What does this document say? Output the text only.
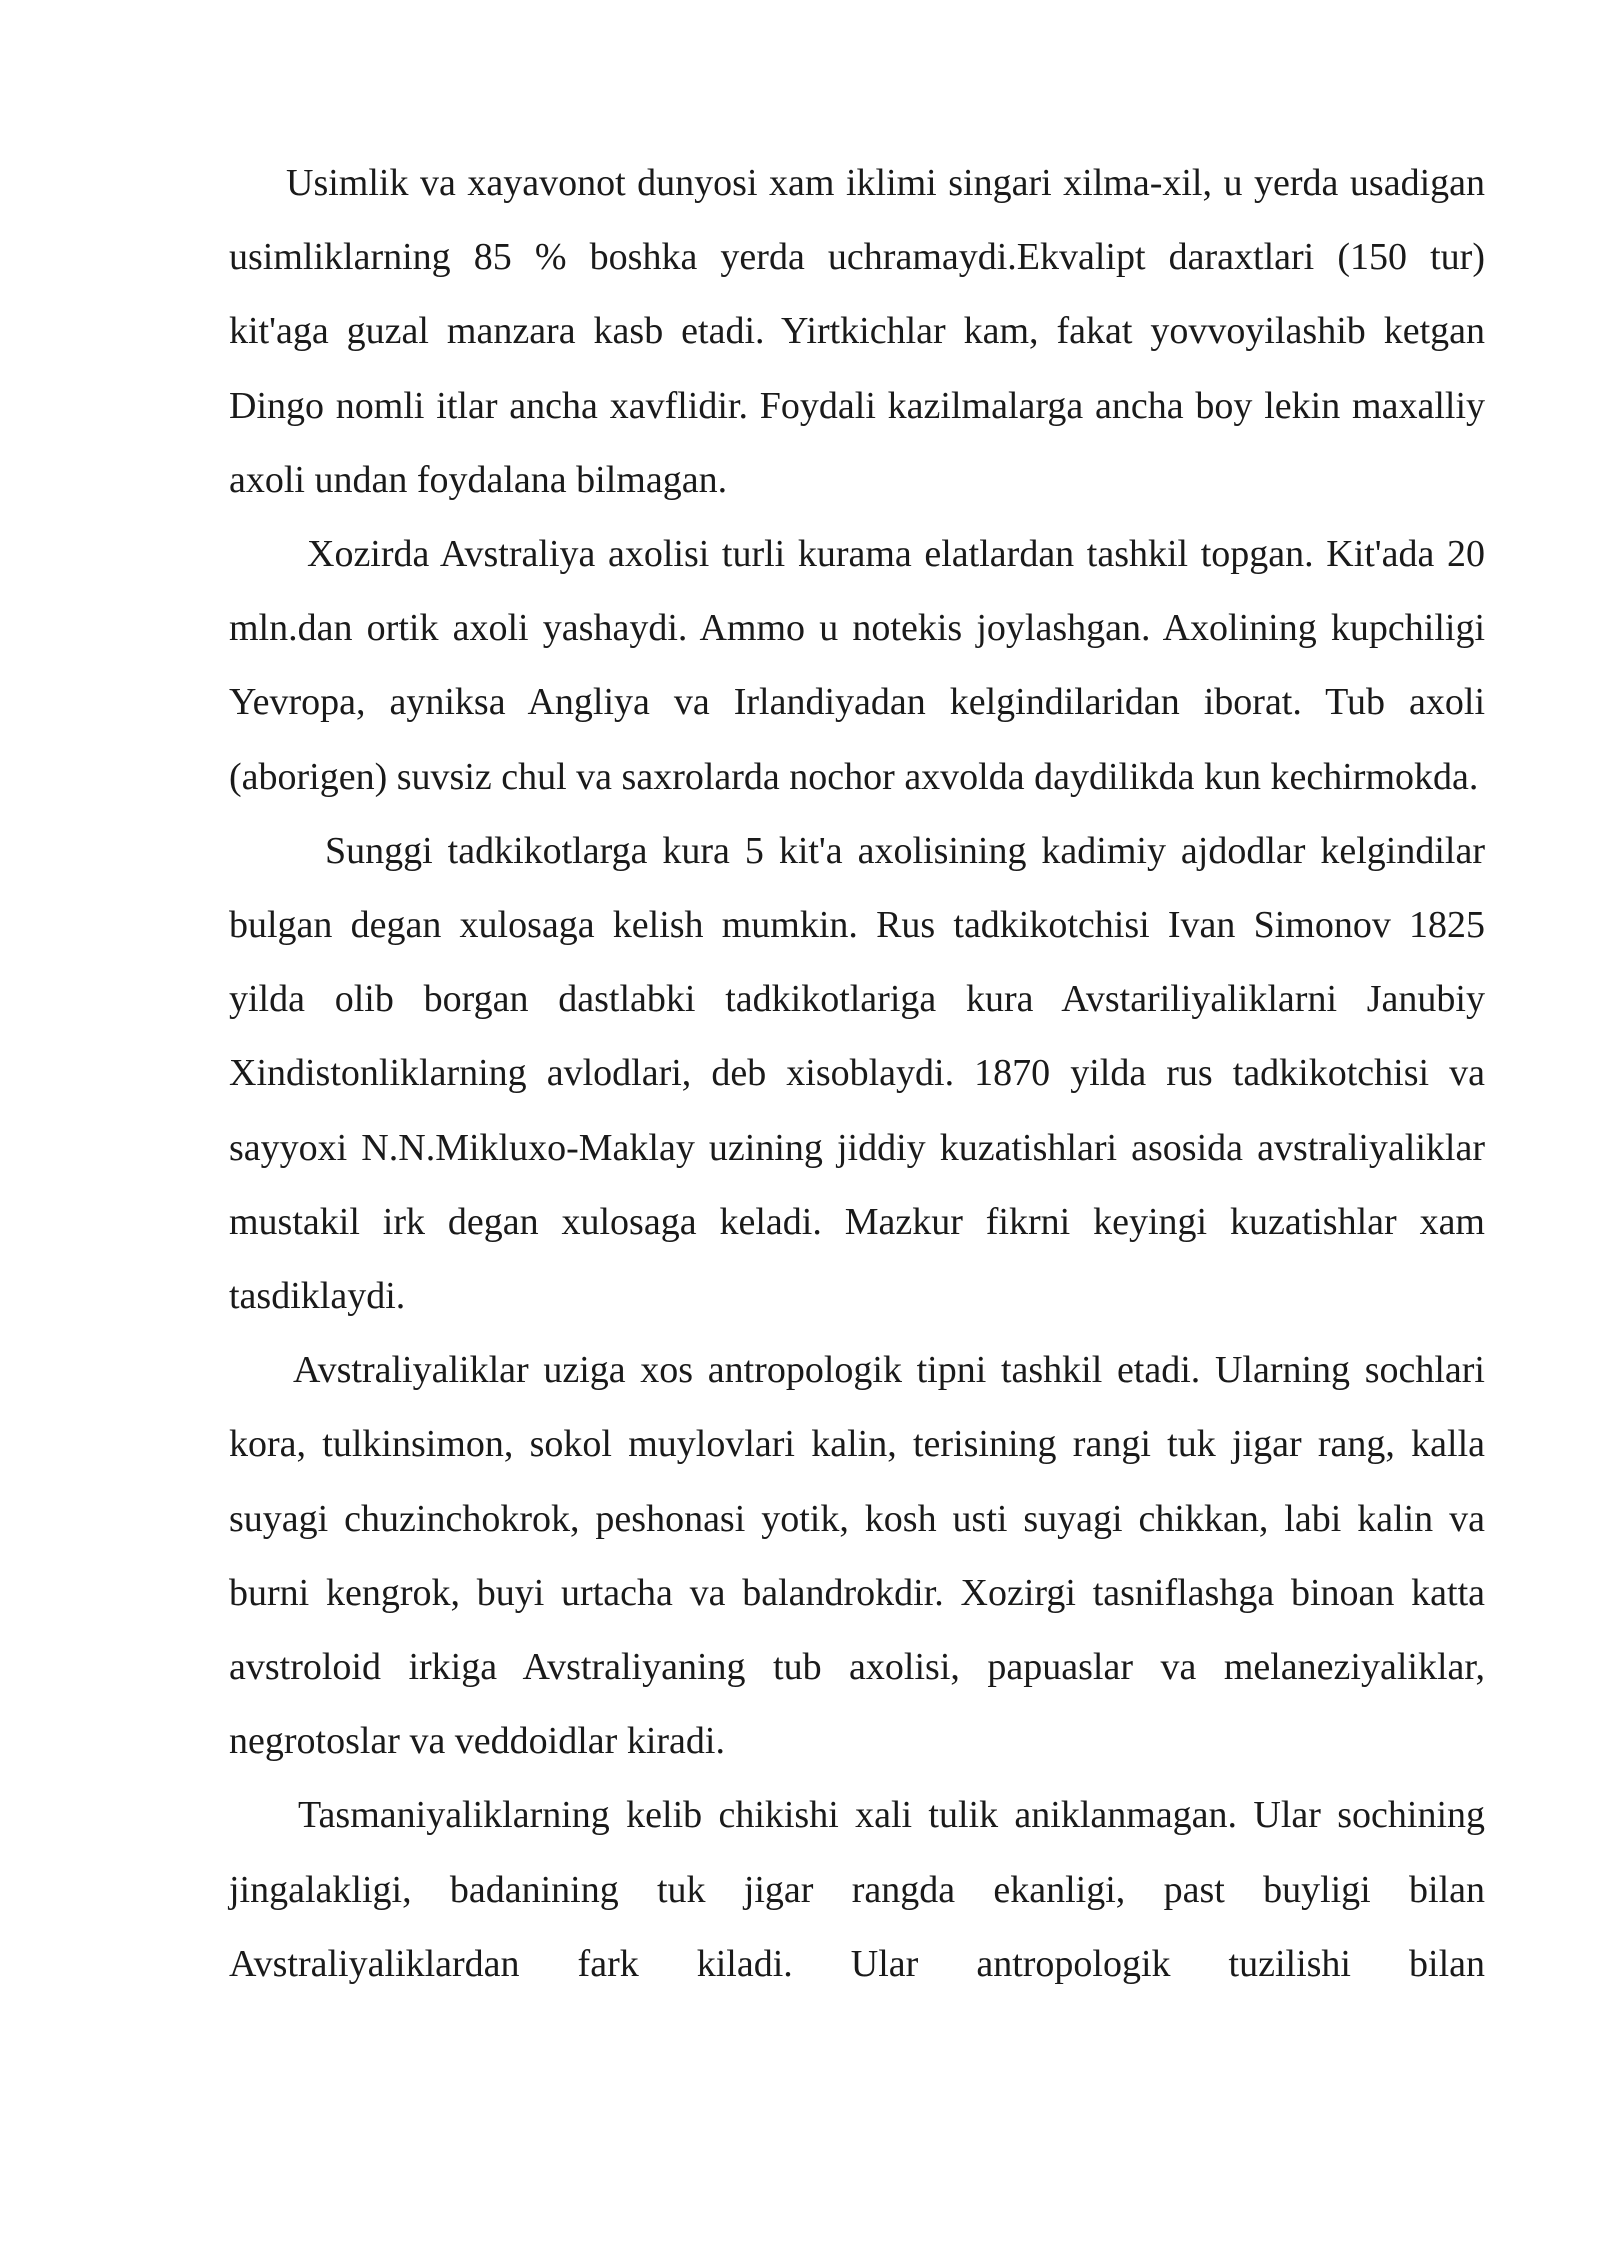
Usimlik va xayavonot dunyosi xam iklimi singari xilma-xil, u yerda usadigan usimliklarning 85 % boshka yerda uchramaydi.Ekvalipt daraxtlari (150 tur) kit'aga guzal manzara kasb etadi. Yirtkichlar kam, fakat yovvoyilashib ketgan Dingo nomli itlar ancha xavflidir. Foydali kazilmalarga ancha boy lekin maxalliy axoli undan foydalana bilmagan.

Xozirda Avstraliya axolisi turli kurama elatlardan tashkil topgan. Kit'ada 20 mln.dan ortik axoli yashaydi. Ammo u notekis joylashgan. Axolining kupchiligi Yevropa, ayniksa Angliya va Irlandiyadan kelgindilaridan iborat. Tub axoli (aborigen) suvsiz chul va saxrolarda nochor axvolda daydilikda kun kechirmokda.

Sunggi tadkikotlarga kura 5 kit'a axolisining kadimiy ajdodlar kelgindilar bulgan degan xulosaga kelish mumkin. Rus tadkikotchisi Ivan Simonov 1825 yilda olib borgan dastlabki tadkikotlariga kura Avstariliyaliklarni Janubiy Xindistonliklarning avlodlari, deb xisoblaydi. 1870 yilda rus tadkikotchisi va sayyoxi N.N.Mikluxo-Maklay uzining jiddiy kuzatishlari asosida avstraliyaliklar mustakil irk degan xulosaga keladi. Mazkur fikrni keyingi kuzatishlar xam tasdiklaydi.

Avstraliyaliklar uziga xos antropologik tipni tashkil etadi. Ularning sochlari kora, tulkinsimon, sokol muylovlari kalin, terisining rangi tuk jigar rang, kalla suyagi chuzinchokrok, peshonasi yotik, kosh usti suyagi chikkan, labi kalin va burni kengrok, buyi urtacha va balandrokdir. Xozirgi tasniflashga binoan katta avstroloid irkiga Avstraliyaning tub axolisi, papuaslar va melaneziyaliklar, negrotoslar va veddoidlar kiradi.

Tasmaniyaliklarning kelib chikishi xali tulik aniklanmagan. Ular sochining jingalakligi, badanining tuk jigar rangda ekanligi, past buyligi bilan Avstraliyaliklardan fark kiladi. Ular antropologik tuzilishi bilan
